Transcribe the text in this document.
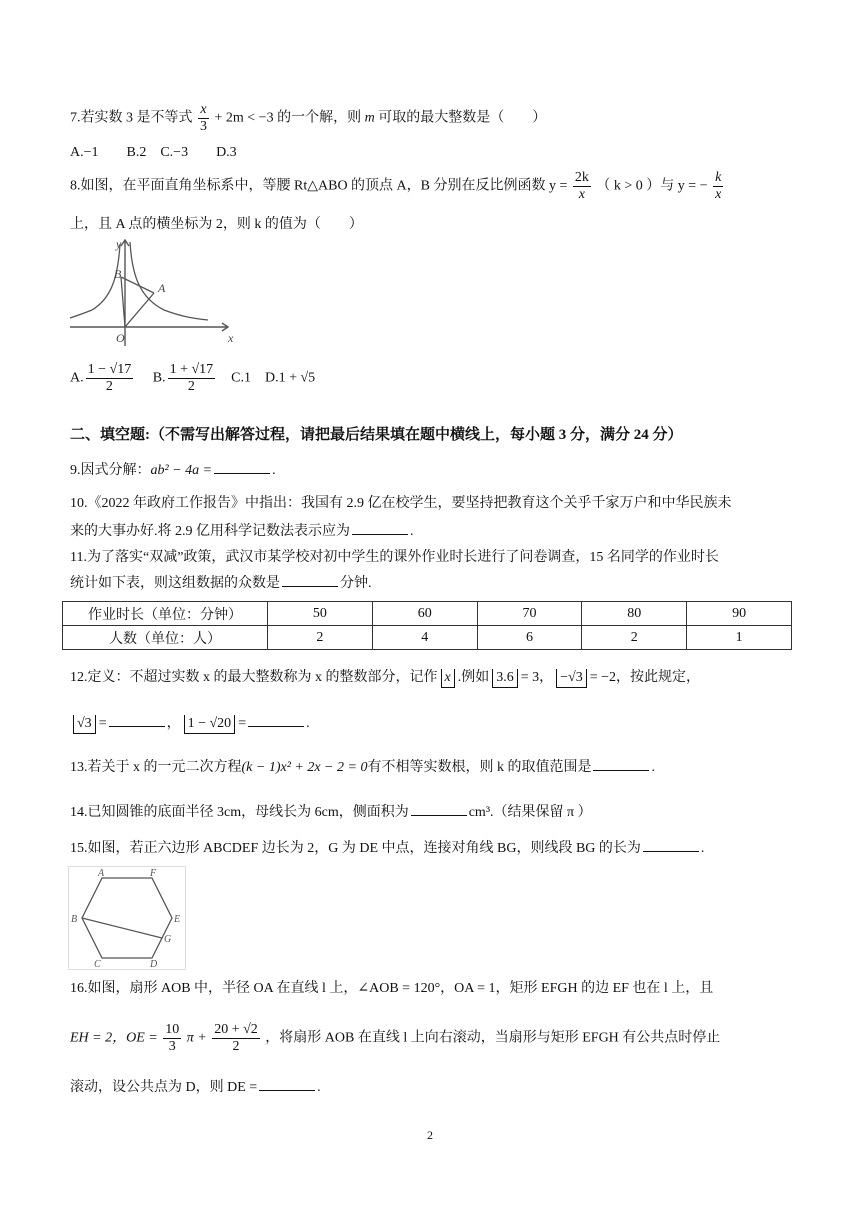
7.若实数 3 是不等式 $\frac{x}{3} + 2m < -3$ 的一个解，则 m 可取的最大整数是（　　）
A.−1　　B.2　C.−3　　D.3
8.如图，在平面直角坐标系中，等腰 Rt△ABO 的顶点 A，B 分别在反比例函数 $y = \frac{2k}{x}$ （ k > 0 ）与 y = − $\frac{k}{x}$
上，且 A 点的横坐标为 2，则 k 的值为（　　）
y
x
O
A
B
A. $\frac{1 - √17}{2} B$. $\frac{1 + √17}{2} C.1$　D.1 + √5
二、填空题:（不需写出解答过程，请把最后结果填在题中横线上，每小题 3 分，满分 24 分）
9.因式分解：ab² − 4a =	.
10.《2022 年政府工作报告》中指出：我国有 2.9 亿在校学生，要坚持把教育这个关乎千家万户和中华民族未
来的大事办好.将 2.9 亿用科学记数法表示应为	.
11.为了落实“双减”政策，武汉市某学校对初中学生的课外作业时长进行了问卷调查，15 名同学的作业时长
统计如下表，则这组数据的众数是	分钟.
作业时长（单位：分钟）	50	60	70	80	90
人数（单位：人）	2	4	6	2	1
12.定义：不超过实数 x 的最大整数称为 x 的整数部分，记作 x .例如 3.6 = 3， −√3 = −2，按此规定，
√3 =	， 1 − √20 =	.
13.若关于 x 的一元二次方程(k − 1)x² + 2x − 2 = 0有不相等实数根，则 k 的取值范围是	.
14.已知圆锥的底面半径 3cm，母线长为 6cm，侧面积为	cm³.（结果保留 π ）
15.如图，若正六边形 ABCDEF 边长为 2，G 为 DE 中点，连接对角线 BG，则线段 BG 的长为	.
A	F
B	E
G
C	D
16.如图，扇形 AOB 中，半径 OA 在直线 l 上，∠AOB = 120°，OA = 1，矩形 EFGH 的边 EF 也在 l 上，且
EH = 2，OE = $\frac{10}{3}$ $\pi + \frac{20 + √2}{2}$ ，将扇形 AOB 在直线 l 上向右滚动，当扇形与矩形 EFGH 有公共点时停止
滚动，设公共点为 D，则 DE =	.
2
